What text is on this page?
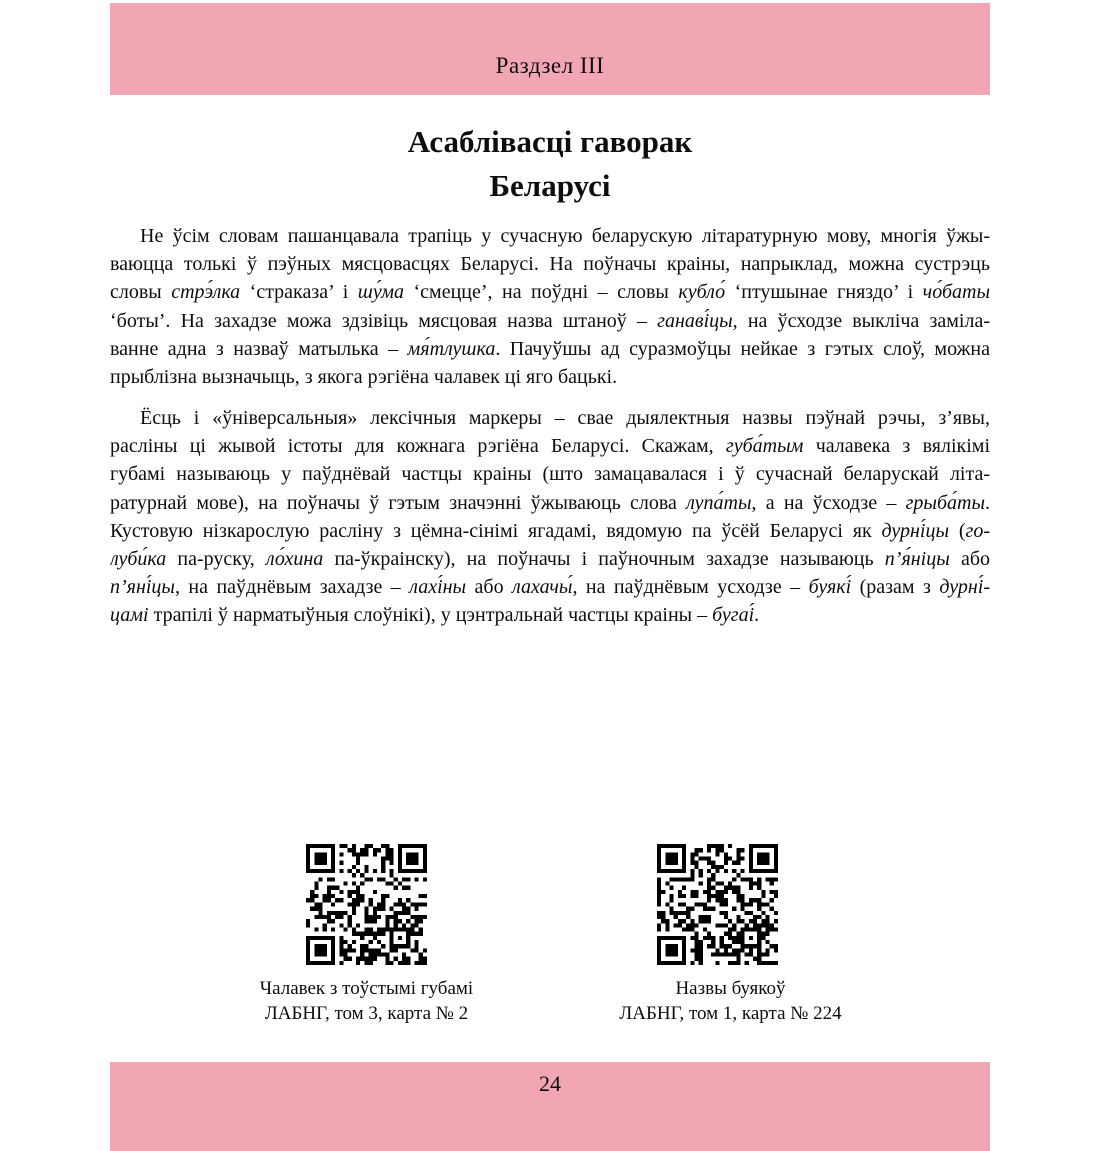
Раздзел III
Асаблівасці гаворак
Беларусі
Не ўсім словам пашанцавала трапіць у сучасную беларускую літаратурную мову, многія ўжы-
ваюцца толькі ў пэўных мясцовасцях Беларусі. На поўначы краіны, напрыклад, можна сустрэць
словы стрэ́лка ‘страказа’ і шу́ма ‘смецце’, на поўдні – словы кубло́ ‘птушынае гняздо’ і чо́баты
‘боты’. На захадзе можа здзівіць мясцовая назва штаноў – ганаві́цы, на ўсходзе выкліча заміла-
ванне адна з назваў матылька – мя́тлушка. Пачуўшы ад суразмоўцы нейкае з гэтых слоў, можна
прыблізна вызначыць, з якога рэгіёна чалавек ці яго бацькі.
Ёсць і «ўніверсальныя» лексічныя маркеры – свае дыялектныя назвы пэўнай рэчы, з’явы,
расліны ці жывой істоты для кожнага рэгіёна Беларусі. Скажам, губа́тым чалавека з вялікімі
губамі называюць у паўднёвай частцы краіны (што замацавалася і ў сучаснай беларускай літа-
ратурнай мове), на поўначы ў гэтым значэнні ўжываюць слова лупа́ты, а на ўсходзе – грыба́ты.
Кустовую нізкарослую расліну з цёмна-сінімі ягадамі, вядомую па ўсёй Беларусі як дурні́цы (го-
луби́ка па-руску, ло́хина па-ўкраінску), на поўначы і паўночным захадзе называюць п’я́ніцы або
п’яні́цы, на паўднёвым захадзе – лахі́ны або лахачы́, на паўднёвым усходзе – буякі́ (разам з дурні́-
цамі трапілі ў нарматыўныя слоўнікі), у цэнтральнай частцы краіны – бугаі́.
Чалавек з тоўстымі губамі
ЛАБНГ, том 3, карта № 2
Назвы буякоў
ЛАБНГ, том 1, карта № 224
24
